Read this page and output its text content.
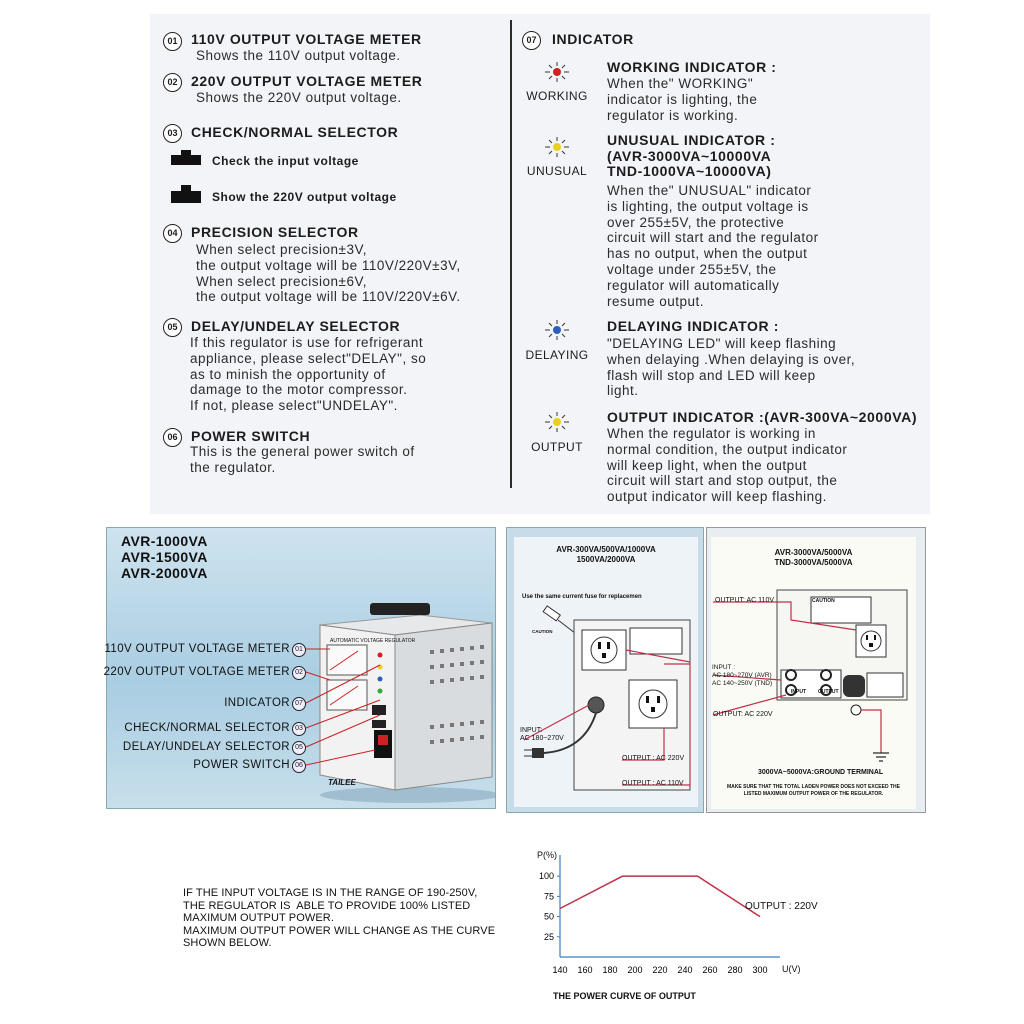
01 110V OUTPUT VOLTAGE METER
Shows the 110V output voltage.
02 220V OUTPUT VOLTAGE METER
Shows the 220V output voltage.
03 CHECK/NORMAL SELECTOR
Check the input voltage
Show the 220V output voltage
04 PRECISION SELECTOR
When select precision±3V,
the output voltage will be 110V/220V±3V,
When select precision±6V,
the output voltage will be 110V/220V±6V.
05 DELAY/UNDELAY SELECTOR
If this regulator is use for refrigerant
appliance, please select"DELAY", so
as to minish the opportunity of
damage to the motor compressor.
If not, please select"UNDELAY".
06 POWER SWITCH
This is the general power switch of
the regulator.
07	INDICATOR
WORKING
WORKING INDICATOR :
When the" WORKING"
indicator is lighting, the
regulator is working.
UNUSUAL
UNUSUAL INDICATOR :
(AVR-3000VA~10000VA
TND-1000VA~10000VA)
When the" UNUSUAL" indicator
is lighting, the output voltage is
over 255±5V, the protective
circuit will start and the regulator
has no output, when the output
voltage under 255±5V, the
regulator will automatically
resume output.
DELAYING
DELAYING INDICATOR :
"DELAYING LED" will keep flashing
when delaying .When delaying is over,
flash will stop and LED will keep
light.
OUTPUT
OUTPUT INDICATOR :(AVR-300VA~2000VA)
When the regulator is working in
normal condition, the output indicator
will keep light, when the output
circuit will start and stop output, the
output indicator will keep flashing.
AVR-1000VA
AVR-1500VA
AVR-2000VA
AUTOMATIC VOLTAGE REGULATOR
TAILEE
110V OUTPUT VOLTAGE METER 01
220V OUTPUT VOLTAGE METER 02
INDICATOR 07
CHECK/NORMAL SELECTOR 03
DELAY/UNDELAY SELECTOR 05
POWER SWITCH 06
AVR-300VA/500VA/1000VA
1500VA/2000VA
Use the same current fuse for replacemen
CAUTION
INPUT:
AC 180~270V
OUTPUT : AC 220V
OUTPUT : AC 110V
AVR-3000VA/5000VA
TND-3000VA/5000VA
CAUTION
INPUT OUTPUT
OUTPUT: AC 110V
INPUT :
AC 180~270V (AVR)
AC 140~250V (TND)
OUTPUT: AC 220V
3000VA~5000VA:GROUND TERMINAL
MAKE SURE THAT THE TOTAL LADEN POWER DOES NOT EXCEED THE
LISTED MAXIMUM OUTPUT POWER OF THE REGULATOR.
IF THE INPUT VOLTAGE IS IN THE RANGE OF 190-250V,
THE REGULATOR IS  ABLE TO PROVIDE 100% LISTED
MAXIMUM OUTPUT POWER.
MAXIMUM OUTPUT POWER WILL CHANGE AS THE CURVE
SHOWN BELOW.
140 160 180 200 220 240 260 280 300
25
50
75
100
P(%)
U(V)
OUTPUT : 220V
THE POWER CURVE OF OUTPUT
